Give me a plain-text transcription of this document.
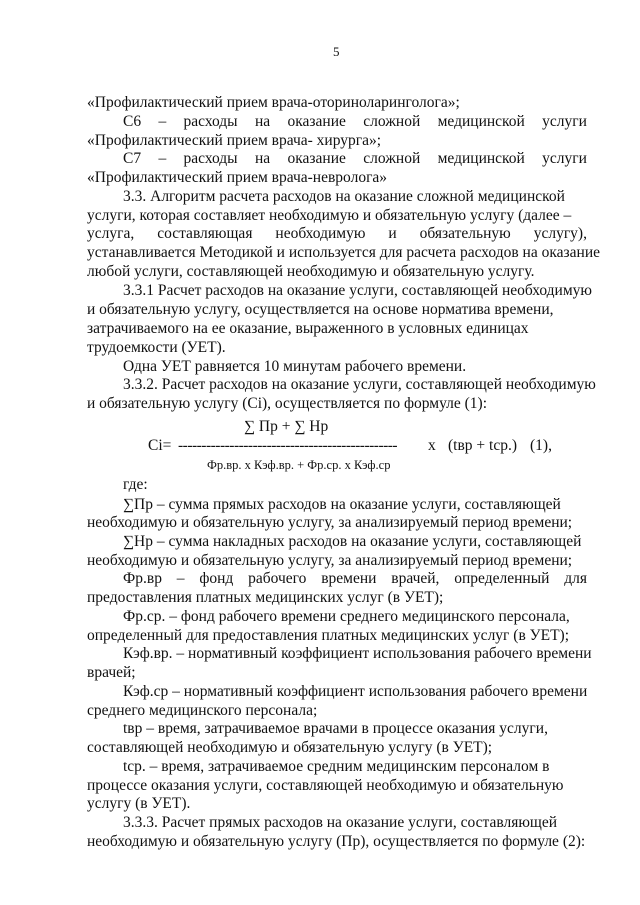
5
«Профилактический прием врача-оториноларинголога»;
С6 – расходы на оказание сложной медицинской услуги
«Профилактический прием врача- хирурга»;
С7 – расходы на оказание сложной медицинской услуги
«Профилактический прием врача-невролога»
3.3. Алгоритм расчета расходов на оказание сложной медицинской
услуги, которая составляет необходимую и обязательную услугу (далее –
услуга, составляющая необходимую и обязательную услугу),
устанавливается Методикой и используется для расчета расходов на оказание
любой услуги, составляющей необходимую и обязательную услугу.
3.3.1 Расчет расходов на оказание услуги, составляющей необходимую
и обязательную услугу, осуществляется на основе норматива времени,
затрачиваемого на ее оказание, выраженного в условных единицах
трудоемкости (УЕТ).
Одна УЕТ равняется 10 минутам рабочего времени.
3.3.2. Расчет расходов на оказание услуги, составляющей необходимую
и обязательную услугу (Сi), осуществляется по формуле (1):
∑ Пр + ∑ Нр
Сi= ----------------------------------------------- х (tвр + tср.) (1),
Фр.вр. х Кэф.вр. + Фр.ср. х Кэф.ср
где:
∑Пр – сумма прямых расходов на оказание услуги, составляющей
необходимую и обязательную услугу, за анализируемый период времени;
∑Нр – сумма накладных расходов на оказание услуги, составляющей
необходимую и обязательную услугу, за анализируемый период времени;
Фр.вр – фонд рабочего времени врачей, определенный для
предоставления платных медицинских услуг (в УЕТ);
Фр.ср. – фонд рабочего времени среднего медицинского персонала,
определенный для предоставления платных медицинских услуг (в УЕТ);
Кэф.вр. – нормативный коэффициент использования рабочего времени
врачей;
Кэф.ср – нормативный коэффициент использования рабочего времени
среднего медицинского персонала;
tвр – время, затрачиваемое врачами в процессе оказания услуги,
составляющей необходимую и обязательную услугу (в УЕТ);
tср. – время, затрачиваемое средним медицинским персоналом в
процессе оказания услуги, составляющей необходимую и обязательную
услугу (в УЕТ).
3.3.3. Расчет прямых расходов на оказание услуги, составляющей
необходимую и обязательную услугу (Пр), осуществляется по формуле (2):
